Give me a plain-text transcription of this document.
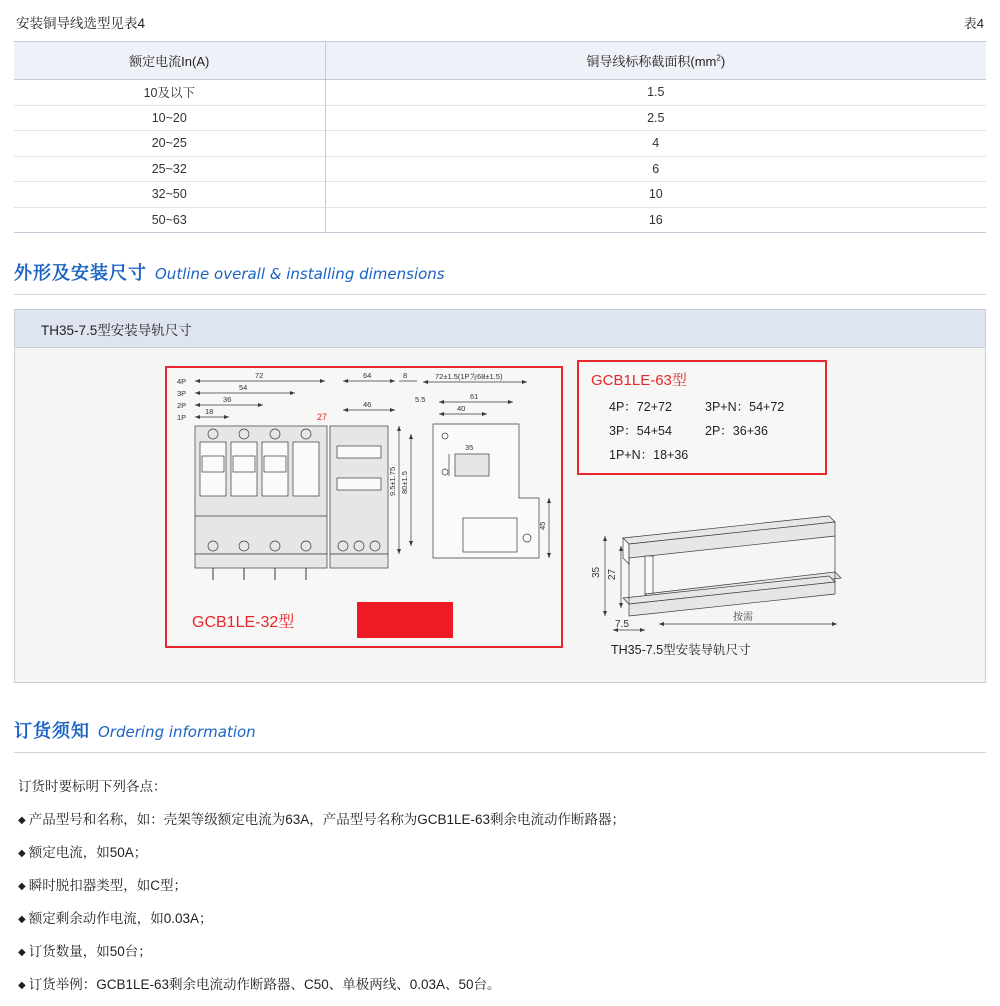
安装铜导线选型见表4	表4
额定电流In(A)	铜导线标称截面积$(mm^2)$
10及以下	1.5
10~20	2.5
20~25	4
25~32	6
32~50	10
50~63	16
外形及安装尺寸 Outline overall & installing dimensions
TH35-7.5型安装导轨尺寸
4P
3P
2P
1P
72
54
36
18
64	8
46
27
9.5±1.75 80±1.5
72±1.5(1P为68±1.5)
61
40
5.5
35
45
GCB1LE-32型
GCB1LE-63型
4P：72+72	3P+N：54+72
3P：54+54	2P：36+36
1P+N：18+36
35 27
7.5
按需
TH35-7.5型安装导轨尺寸
订货须知 Ordering information
订货时要标明下列各点：
◆ 产品型号和名称，如：壳架等级额定电流为63A，产品型号名称为GCB1LE-63剩余电流动作断路器；
◆ 额定电流，如50A；
◆ 瞬时脱扣器类型，如C型；
◆ 额定剩余动作电流，如0.03A；
◆ 订货数量，如50台；
◆ 订货举例：GCB1LE-63剩余电流动作断路器、C50、单极两线、0.03A、50台。
